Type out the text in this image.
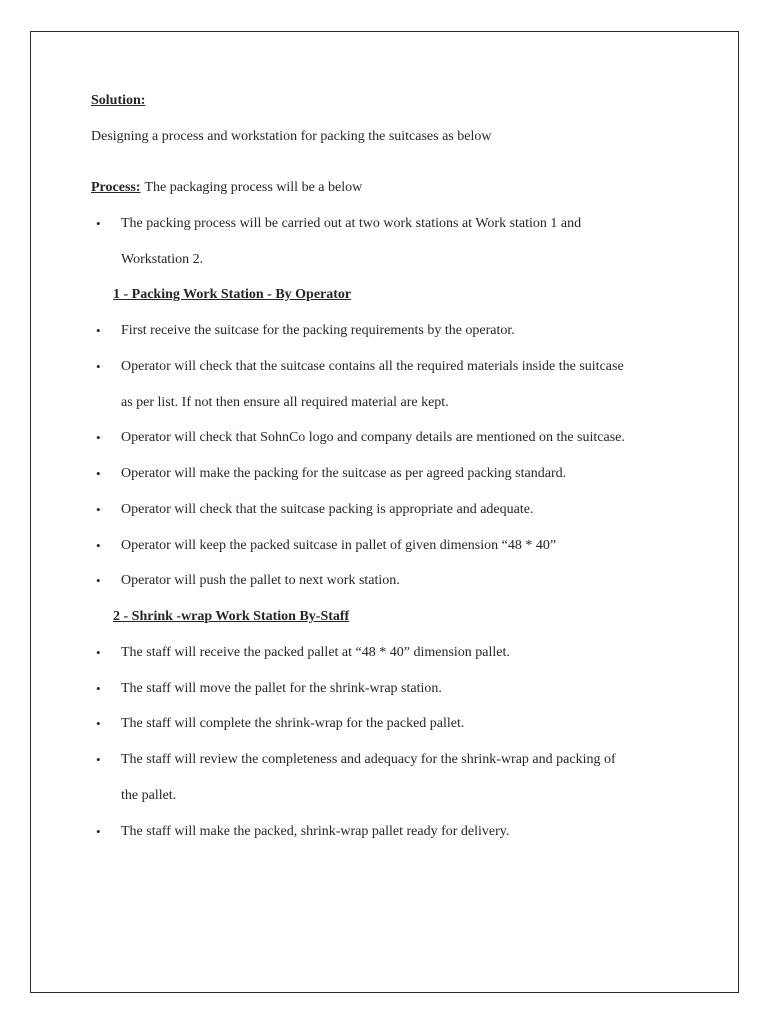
Solution:
Designing a process and workstation for packing the suitcases as below
Process: The packaging process will be a below
• The packing process will be carried out at two work stations at Work station 1 and
Workstation 2.
1 - Packing Work Station - By Operator
• First receive the suitcase for the packing requirements by the operator.
• Operator will check that the suitcase contains all the required materials inside the suitcase
as per list. If not then ensure all required material are kept.
• Operator will check that SohnCo logo and company details are mentioned on the suitcase.
• Operator will make the packing for the suitcase as per agreed packing standard.
• Operator will check that the suitcase packing is appropriate and adequate.
• Operator will keep the packed suitcase in pallet of given dimension “48 * 40”
• Operator will push the pallet to next work station.
2 - Shrink -wrap Work Station By-Staff
• The staff will receive the packed pallet at “48 * 40” dimension pallet.
• The staff will move the pallet for the shrink-wrap station.
• The staff will complete the shrink-wrap for the packed pallet.
• The staff will review the completeness and adequacy for the shrink-wrap and packing of
the pallet.
• The staff will make the packed, shrink-wrap pallet ready for delivery.
